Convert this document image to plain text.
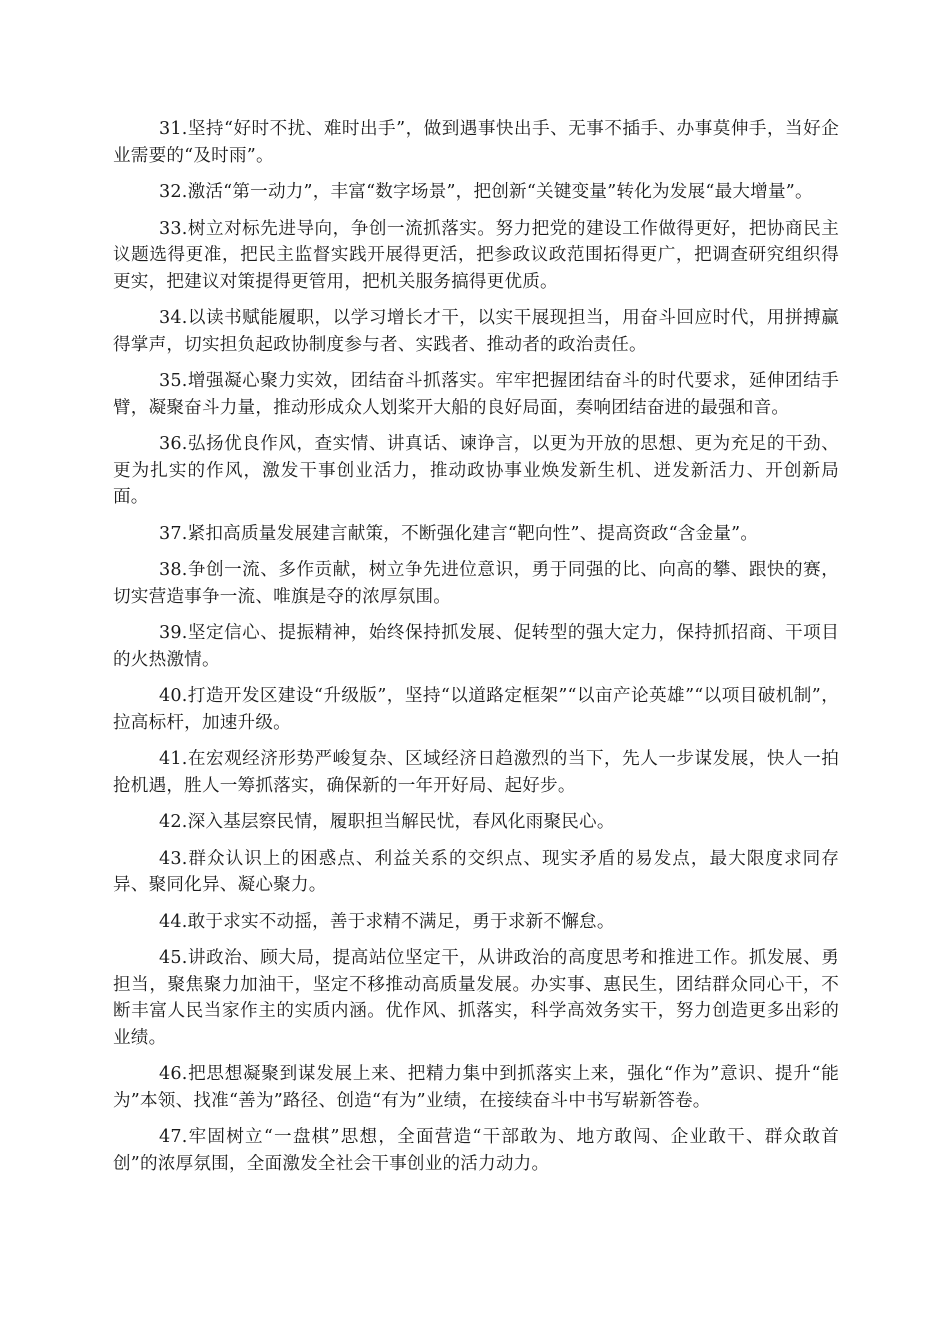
31.坚持“好时不扰、难时出手”，做到遇事快出手、无事不插手、办事莫伸手，当好企业需要的“及时雨”。

32.激活“第一动力”，丰富“数字场景”，把创新“关键变量”转化为发展“最大增量”。

33.树立对标先进导向，争创一流抓落实。努力把党的建设工作做得更好，把协商民主议题选得更准，把民主监督实践开展得更活，把参政议政范围拓得更广，把调查研究组织得更实，把建议对策提得更管用，把机关服务搞得更优质。

34.以读书赋能履职，以学习增长才干，以实干展现担当，用奋斗回应时代，用拼搏赢得掌声，切实担负起政协制度参与者、实践者、推动者的政治责任。

35.增强凝心聚力实效，团结奋斗抓落实。牢牢把握团结奋斗的时代要求，延伸团结手臂，凝聚奋斗力量，推动形成众人划桨开大船的良好局面，奏响团结奋进的最强和音。

36.弘扬优良作风，查实情、讲真话、谏诤言，以更为开放的思想、更为充足的干劲、更为扎实的作风，激发干事创业活力，推动政协事业焕发新生机、迸发新活力、开创新局面。

37.紧扣高质量发展建言献策，不断强化建言“靶向性”、提高资政“含金量”。

38.争创一流、多作贡献，树立争先进位意识，勇于同强的比、向高的攀、跟快的赛，切实营造事争一流、唯旗是夺的浓厚氛围。

39.坚定信心、提振精神，始终保持抓发展、促转型的强大定力，保持抓招商、干项目的火热激情。

40.打造开发区建设“升级版”，坚持“以道路定框架”“以亩产论英雄”“以项目破机制”，拉高标杆，加速升级。

41.在宏观经济形势严峻复杂、区域经济日趋激烈的当下，先人一步谋发展，快人一拍抢机遇，胜人一筹抓落实，确保新的一年开好局、起好步。

42.深入基层察民情，履职担当解民忧，春风化雨聚民心。

43.群众认识上的困惑点、利益关系的交织点、现实矛盾的易发点，最大限度求同存异、聚同化异、凝心聚力。

44.敢于求实不动摇，善于求精不满足，勇于求新不懈怠。

45.讲政治、顾大局，提高站位坚定干，从讲政治的高度思考和推进工作。抓发展、勇担当，聚焦聚力加油干，坚定不移推动高质量发展。办实事、惠民生，团结群众同心干，不断丰富人民当家作主的实质内涵。优作风、抓落实，科学高效务实干，努力创造更多出彩的业绩。

46.把思想凝聚到谋发展上来、把精力集中到抓落实上来，强化“作为”意识、提升“能为”本领、找准“善为”路径、创造“有为”业绩，在接续奋斗中书写崭新答卷。

47.牢固树立“一盘棋”思想，全面营造“干部敢为、地方敢闯、企业敢干、群众敢首创”的浓厚氛围，全面激发全社会干事创业的活力动力。
